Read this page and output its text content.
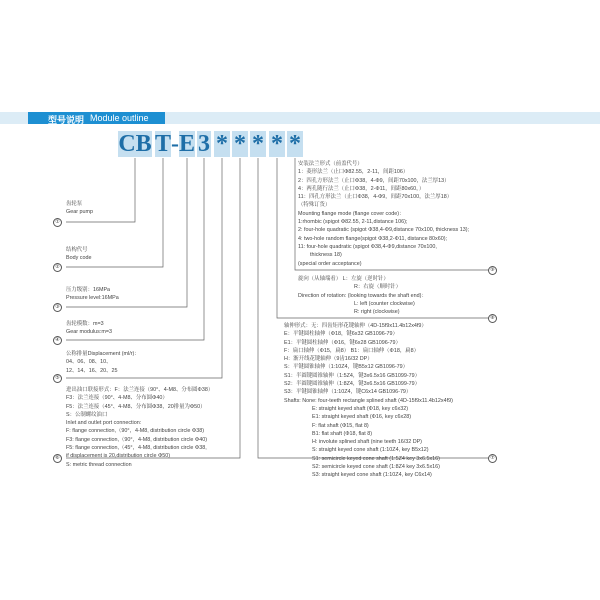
型号说明 Module outline
CB T - E 3 * * * * *
①
②
③
④
⑤
⑥	⑦
⑧
⑨
齿轮泵
Gear pump
结构代号
Body code
压力级别：16MPa
Pressure level:16MPa
齿轮模数：m=3
Gear modulus:m=3
公称排量Displacement (ml/r)：
04、06、08、10、
12、14、16、20、25
进出油口联接形式：F：法兰连接（90°、4-M8、分布圆Φ38）
F3：法兰连接（90°、4-M8、分布圆Φ40）
F5：法兰连接（45°、4-M8、分布圆Φ38，20排量为Φ50）
S：公制螺纹油口
Inlet and outlet port connection:
F: flange connection,（90°，4-M8, distribution circle Φ38)
F3: flange connection,（90°，4-M8, distribution circle Φ40)
F5: flange connection,（45°，4-M8, distribution circle Φ38,
if displacement is 20,distribution circle Φ50)
S: metric thread connection
安装法兰形式（前盖代号）
1：菱形法兰（止口Φ82.55，2-11，间距106）
2：四孔方形法兰（止口Φ38，4-Φ9，间距70x100，法兰厚13）
4：两孔随行法兰（止口Φ38，2-Φ11，间距80x60，）
11：四孔方形法兰（止口Φ38，4-Φ9，间距70x100，法兰厚18）
（特殊订货）
Mounting flange mode (flange cover code)：
1:rhombic (spigot Φ82.55, 2-11,distance 106);
2: four-hole quadratic (spigot Φ38,4-Φ9,distance 70x100, thickness 13);
4: two-hole random flange(spigot Φ38,2-Φ11, distance 80x60);
11: four-hole quadratic (spigot Φ38,4-Φ9,distance 70x100,
thickness 18)
(special order acceptance)
旋向（从轴端看） L：左旋（逆时针）
R：右旋（顺时针）
Direction of rotation: (looking towards the shaft end)：
L: left (counter clockwise)
R: right (clockwise)
轴伸形式：无：四齿矩形花键轴伸（4D-15f9x11.4b12x4f9）
E：平键圆柱轴伸（Φ18，键6x32 GB1096-79）
E1：平键圆柱轴伸（Φ16，键6x28 GB1096-79）
F：扁口轴伸（Φ15，扁8） B1：扁口轴伸（Φ18，扁8）
H：渐开线花键轴伸（9齿16/32 DP）
S：平键圆锥轴伸（1:10Z4，键B5x12 GB1096-79）
S1：半圆键圆锥轴伸（1:5Z4，键3x6.5x16 GB1099-79）
S2：半圆键圆锥轴伸（1:8Z4，键3x6.5x16 GB1099-79）
S3：平键圆锥轴伸（1:10Z4，键C6x14 GB1096-79）
Shafts: None: four-teeth rectangle splined shaft (4D-15f9x11.4b12x4f9)
E: straight keyed shaft (Φ18, key c6x32)
E1: straight keyed shaft (Φ16, key c6x28)
F: flat shaft (Φ15, flat 8)
B1: flat shaft (Φ18, flat 8)
H: involute splined shaft (nine teeth 16/32 DP)
S: straight keyed cone shaft (1:10Z4, key B5x12)
S1: semicircle keyed cone shaft (1:5Z4 key 3x6.5x16)
S2: semicircle keyed cone shaft (1:8Z4 key 3x6.5x16)
S3: straight keyed cone shaft (1:10Z4, key C6x14)
